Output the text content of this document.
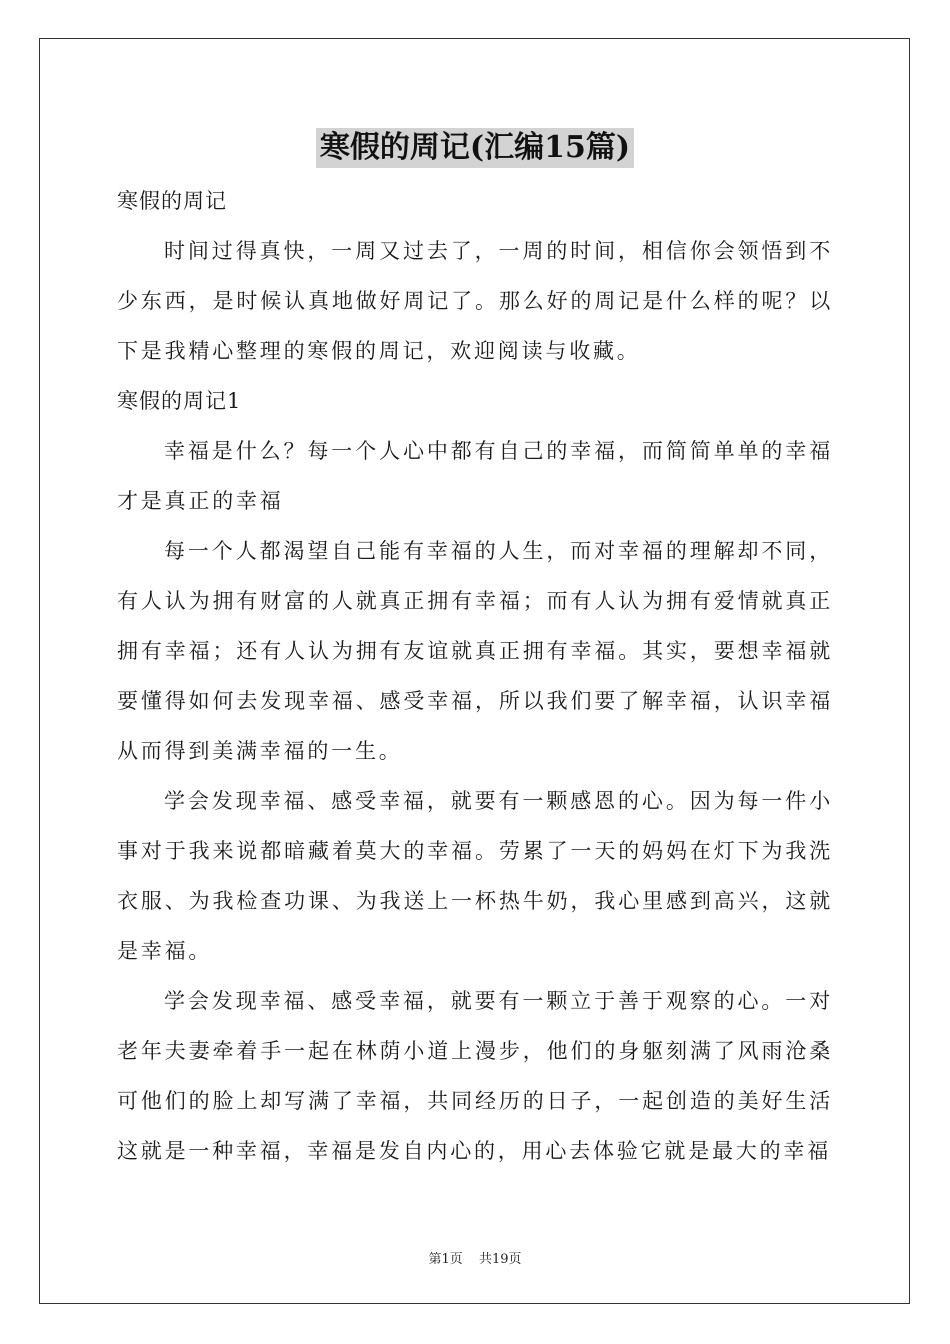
寒假的周记(汇编15篇)

寒假的周记

时间过得真快，一周又过去了，一周的时间，相信你会领悟到不少东西，是时候认真地做好周记了。那么好的周记是什么样的呢？以下是我精心整理的寒假的周记，欢迎阅读与收藏。

寒假的周记1

幸福是什么？每一个人心中都有自己的幸福，而简简单单的幸福才是真正的幸福

每一个人都渴望自己能有幸福的人生，而对幸福的理解却不同，有人认为拥有财富的人就真正拥有幸福；而有人认为拥有爱情就真正拥有幸福；还有人认为拥有友谊就真正拥有幸福。其实，要想幸福就要懂得如何去发现幸福、感受幸福，所以我们要了解幸福，认识幸福从而得到美满幸福的一生。

学会发现幸福、感受幸福，就要有一颗感恩的心。因为每一件小事对于我来说都暗藏着莫大的幸福。劳累了一天的妈妈在灯下为我洗衣服、为我检查功课、为我送上一杯热牛奶，我心里感到高兴，这就是幸福。

学会发现幸福、感受幸福，就要有一颗立于善于观察的心。一对老年夫妻牵着手一起在林荫小道上漫步，他们的身躯刻满了风雨沧桑可他们的脸上却写满了幸福，共同经历的日子，一起创造的美好生活这就是一种幸福，幸福是发自内心的，用心去体验它就是最大的幸福

第1页 共19页
